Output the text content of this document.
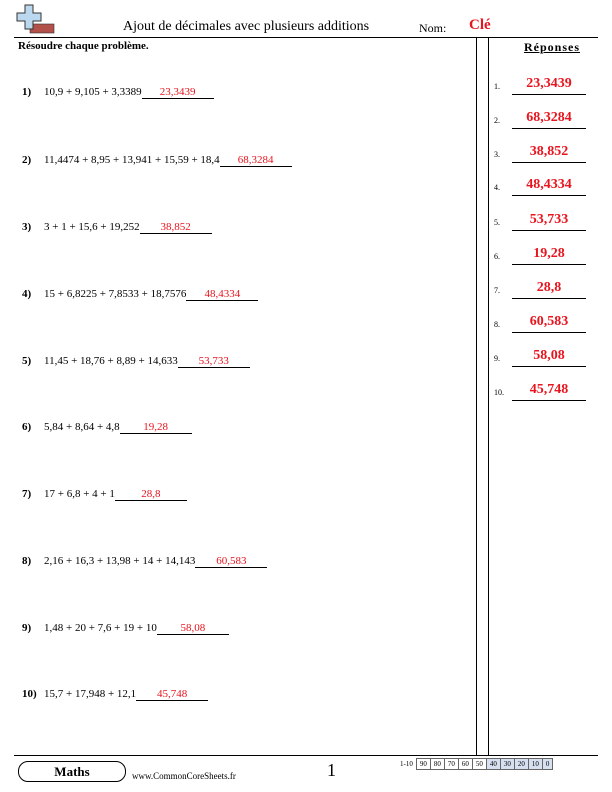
Ajout de décimales avec plusieurs additions	Nom: Clé
Résoudre chaque problème.	Réponses
1.	23,3439
2.	68,3284
3.	38,852
4.	48,4334
5.	53,733
6.	19,28
7.	28,8
8.	60,583
9.	58,08
10.	45,748
1) 10,9 + 9,105 + 3,3389 23,3439
2) 11,4474 + 8,95 + 13,941 + 15,59 + 18,4 68,3284
3) 3 + 1 + 15,6 + 19,252 38,852
4) 15 + 6,8225 + 7,8533 + 18,7576 48,4334
5) 11,45 + 18,76 + 8,89 + 14,633 53,733
6) 5,84 + 8,64 + 4,8 19,28
7) 17 + 6,8 + 4 + 1 28,8
8) 2,16 + 16,3 + 13,98 + 14 + 14,143 60,583
9) 1,48 + 20 + 7,6 + 19 + 10 58,08
10) 15,7 + 17,948 + 12,1 45,748
Maths	www.CommonCoreSheets.fr	1	1-10	90	80	70	60	50	40	30	20	10	0
